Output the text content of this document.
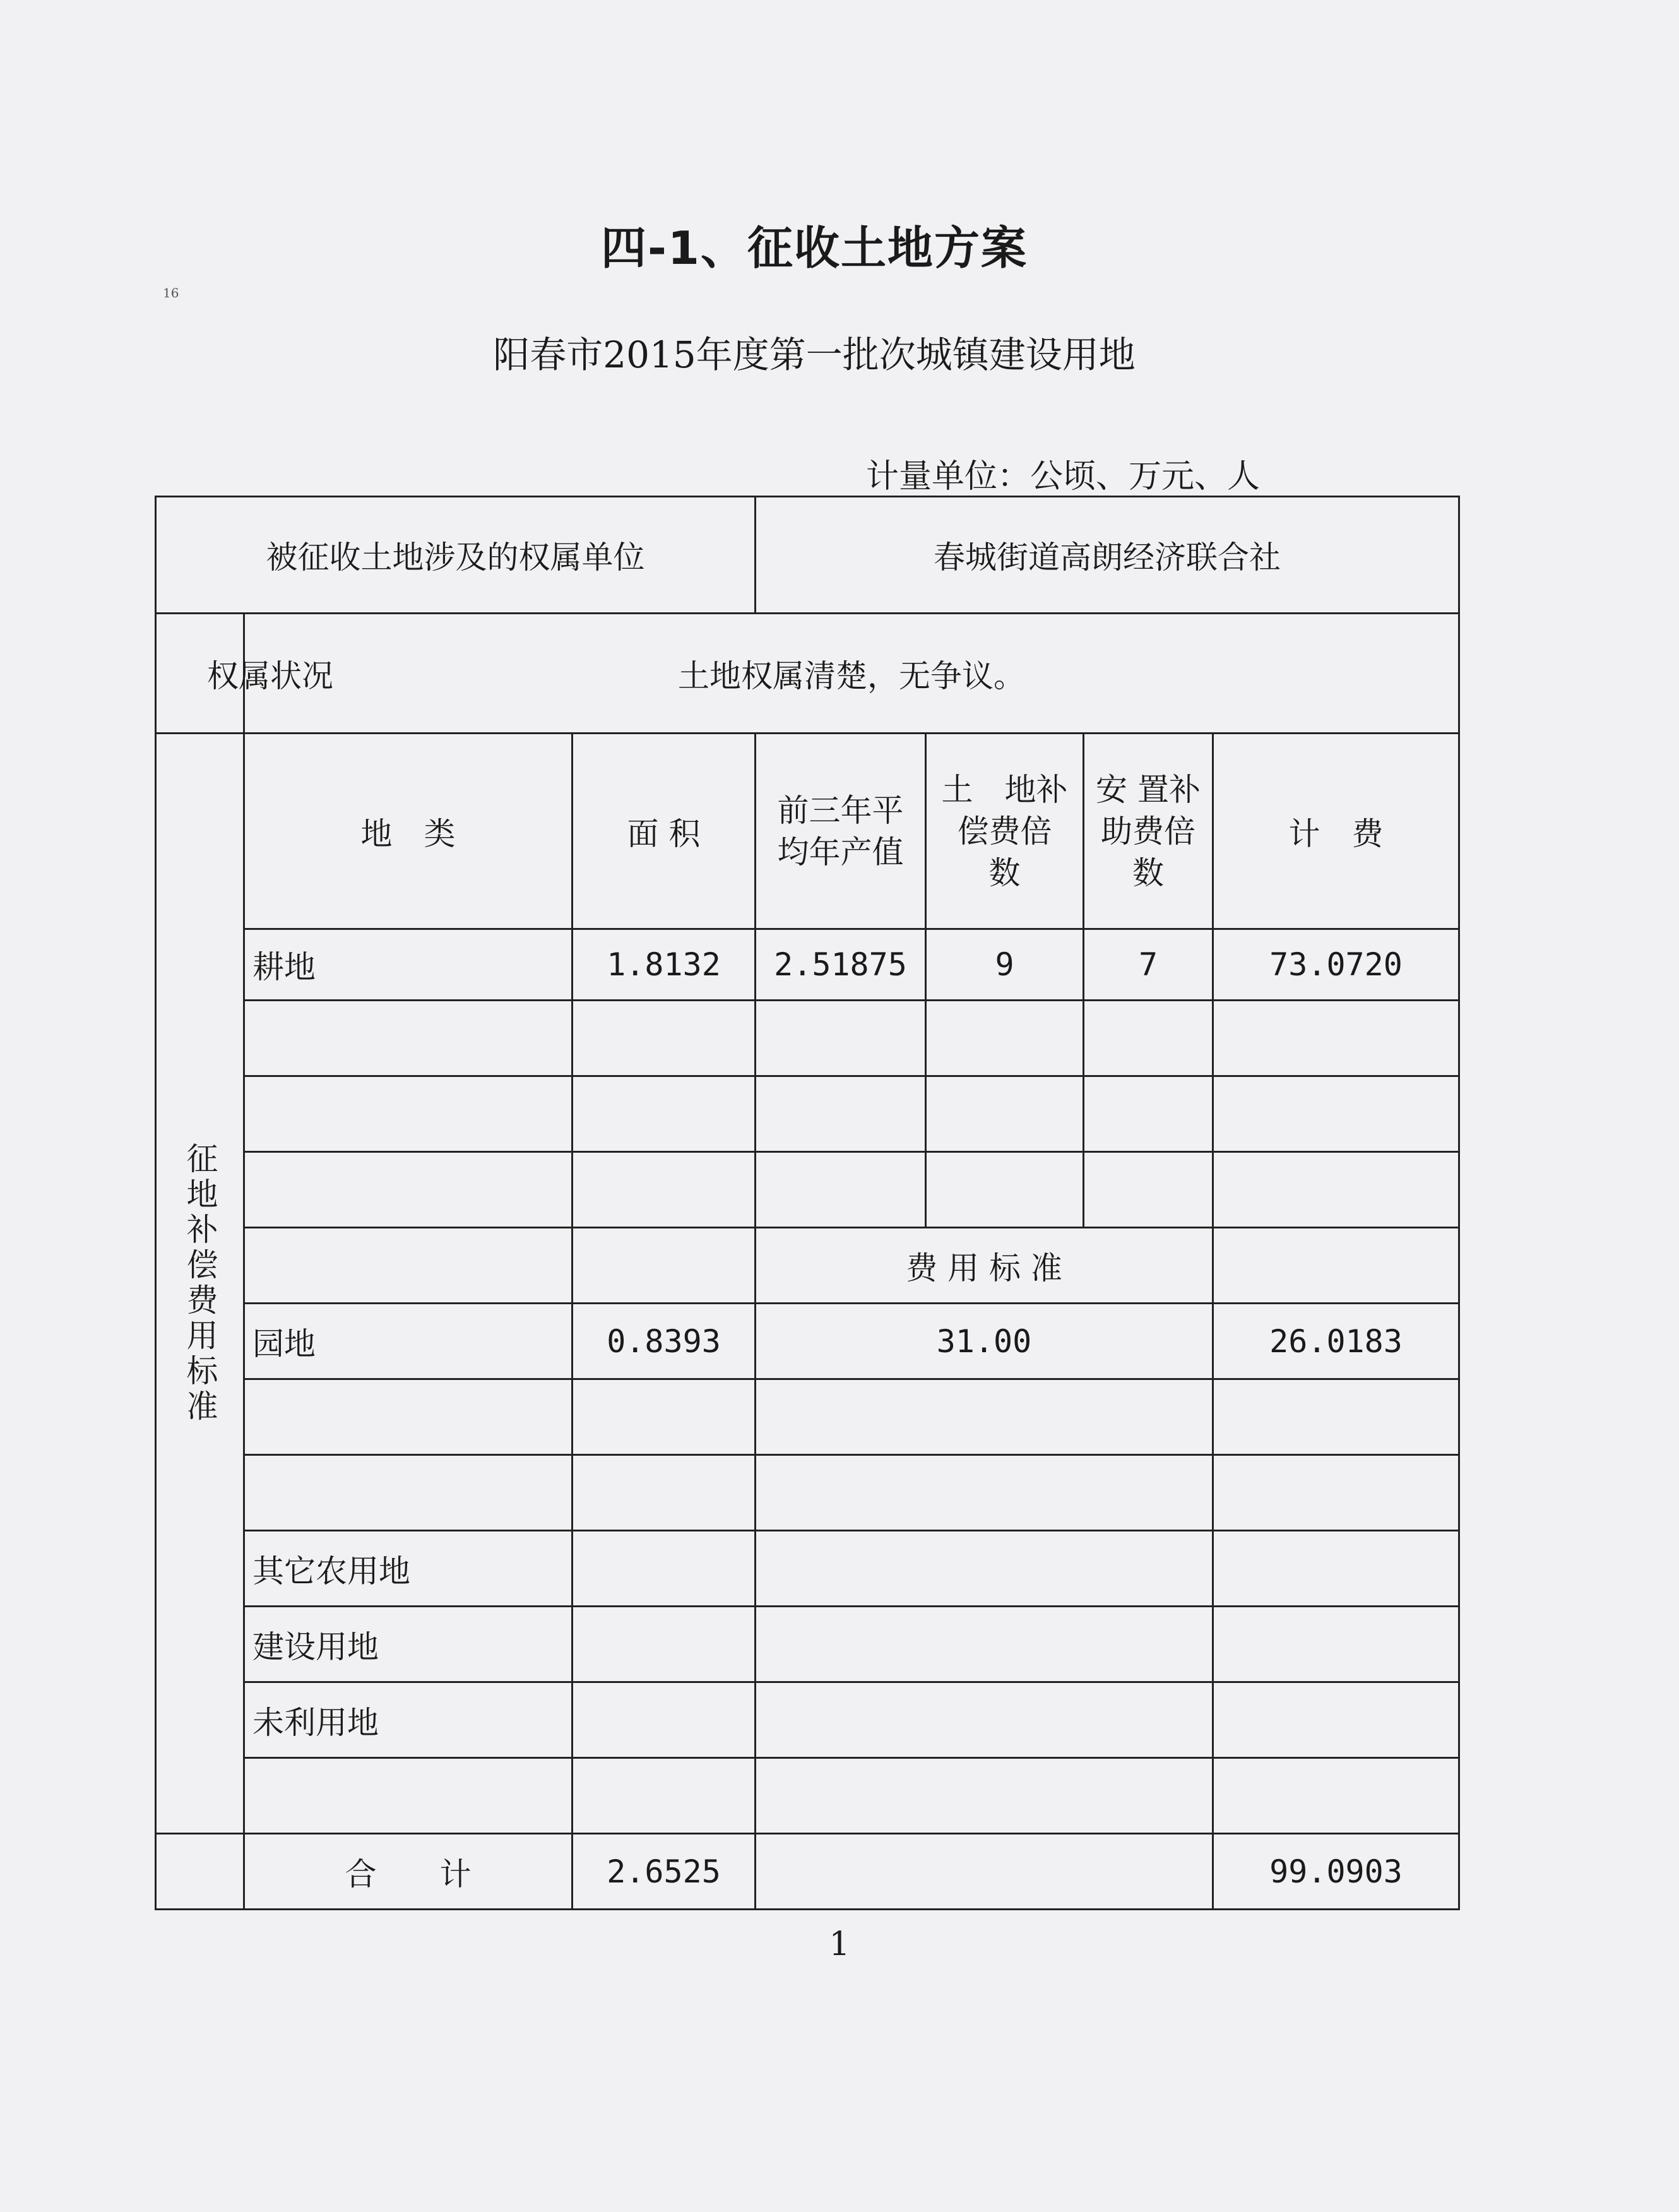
16
四-1、征收土地方案
阳春市2015年度第一批次城镇建设用地
计量单位：公顷、万元、人
被征收土地涉及的权属单位			春城街道高朗经济联合社			

权属状况	土地权属清楚，无争议。					
征地补偿费用标准	地　类	面 积	前三年平　均年产值	土　地补偿费倍　数	安 置补助费倍 数	计　费
	耕地	1.8132	2.51875	9	7	73.0720

			费 用 标 准			
	园地	0.8393	31.00			26.0183

	其它农用地					
	建设用地					
	未利用地					

	合　　计	2.6525				99.0903
1
